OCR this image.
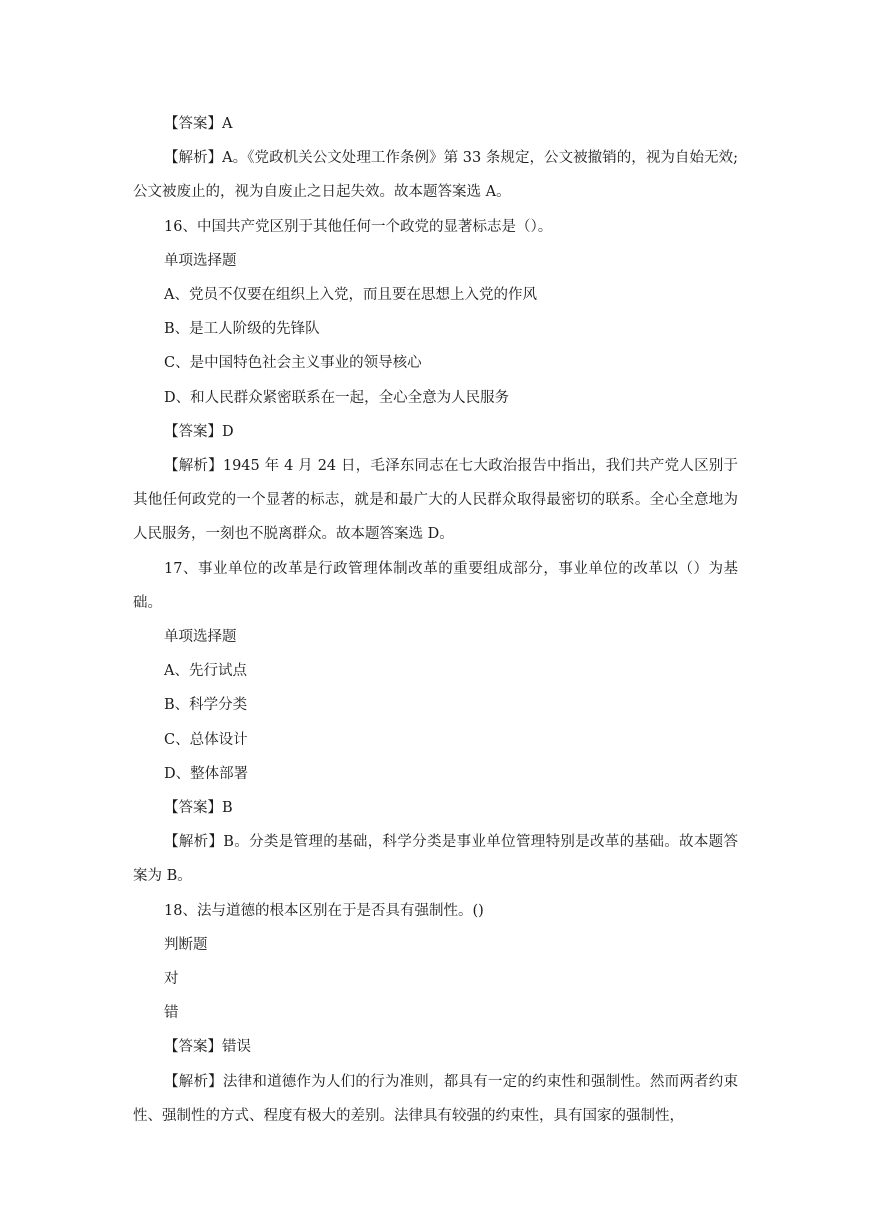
【答案】A

【解析】A。《党政机关公文处理工作条例》第 33 条规定，公文被撤销的，视为自始无效;公文被废止的，视为自废止之日起失效。故本题答案选 A。

16、中国共产党区别于其他任何一个政党的显著标志是（）。

单项选择题

A、党员不仅要在组织上入党，而且要在思想上入党的作风

B、是工人阶级的先锋队

C、是中国特色社会主义事业的领导核心

D、和人民群众紧密联系在一起，全心全意为人民服务

【答案】D

【解析】1945 年 4 月 24 日，毛泽东同志在七大政治报告中指出，我们共产党人区别于其他任何政党的一个显著的标志，就是和最广大的人民群众取得最密切的联系。全心全意地为人民服务，一刻也不脱离群众。故本题答案选 D。

17、事业单位的改革是行政管理体制改革的重要组成部分，事业单位的改革以（）为基础。

单项选择题

A、先行试点

B、科学分类

C、总体设计

D、整体部署

【答案】B

【解析】B。分类是管理的基础，科学分类是事业单位管理特别是改革的基础。故本题答案为 B。

18、法与道德的根本区别在于是否具有强制性。()

判断题

对

错

【答案】错误

【解析】法律和道德作为人们的行为准则，都具有一定的约束性和强制性。然而两者约束性、强制性的方式、程度有极大的差别。法律具有较强的约束性，具有国家的强制性，
